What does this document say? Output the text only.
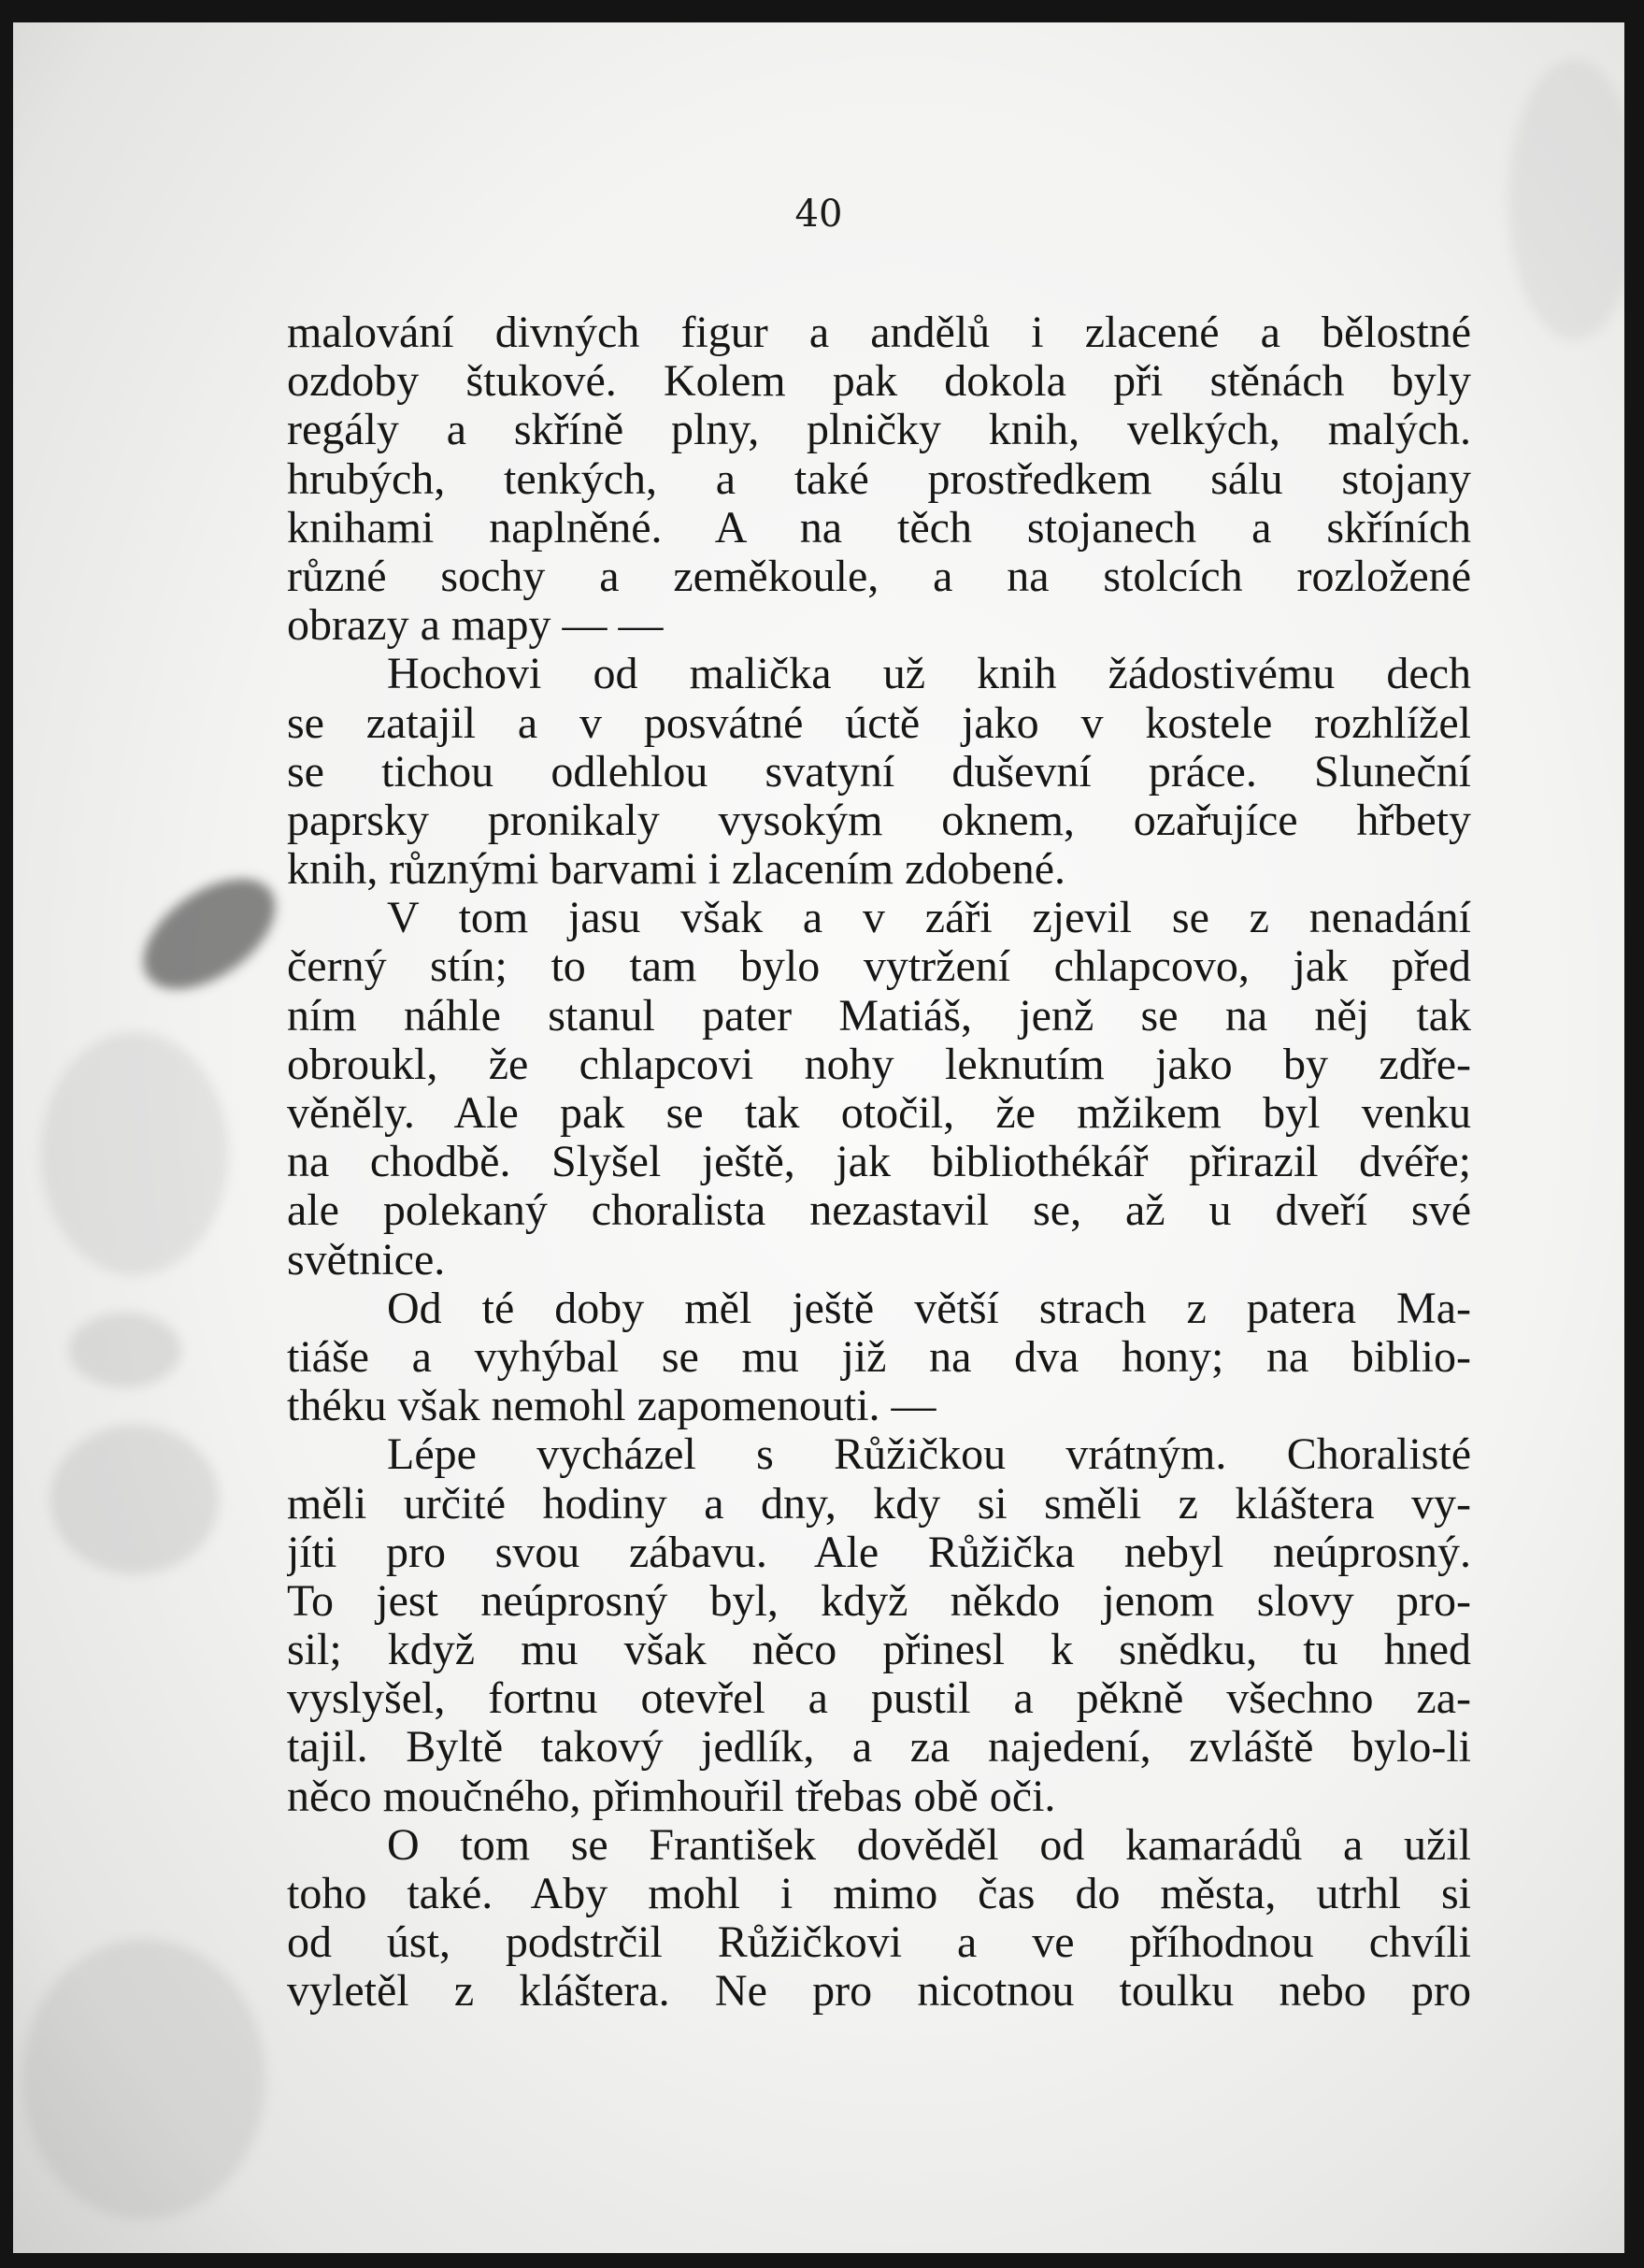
40
malování divných figur a andělů i zlacené a bělostné
ozdoby štukové. Kolem pak dokola při stěnách byly
regály a skříně plny, plničky knih, velkých, malých.
hrubých, tenkých, a také prostředkem sálu stojany
knihami naplněné. A na těch stojanech a skříních
různé sochy a zeměkoule, a na stolcích rozložené
obrazy a mapy — —
Hochovi od malička už knih žádostivému dech
se zatajil a v posvátné úctě jako v kostele rozhlížel
se tichou odlehlou svatyní duševní práce. Sluneční
paprsky pronikaly vysokým oknem, ozařujíce hřbety
knih, různými barvami i zlacením zdobené.
V tom jasu však a v záři zjevil se z nenadání
černý stín; to tam bylo vytržení chlapcovo, jak před
ním náhle stanul pater Matiáš, jenž se na něj tak
obroukl, že chlapcovi nohy leknutím jako by zdře-
věněly. Ale pak se tak otočil, že mžikem byl venku
na chodbě. Slyšel ještě, jak bibliothékář přirazil dvéře;
ale polekaný choralista nezastavil se, až u dveří své
světnice.
Od té doby měl ještě větší strach z patera Ma-
tiáše a vyhýbal se mu již na dva hony; na biblio-
théku však nemohl zapomenouti. —
Lépe vycházel s Růžičkou vrátným. Choralisté
měli určité hodiny a dny, kdy si směli z kláštera vy-
jíti pro svou zábavu. Ale Růžička nebyl neúprosný.
To jest neúprosný byl, když někdo jenom slovy pro-
sil; když mu však něco přinesl k snědku, tu hned
vyslyšel, fortnu otevřel a pustil a pěkně všechno za-
tajil. Byltě takový jedlík, a za najedení, zvláště bylo-li
něco moučného, přimhouřil třebas obě oči.
O tom se František dověděl od kamarádů a užil
toho také. Aby mohl i mimo čas do města, utrhl si
od úst, podstrčil Růžičkovi a ve příhodnou chvíli
vyletěl z kláštera. Ne pro nicotnou toulku nebo pro
